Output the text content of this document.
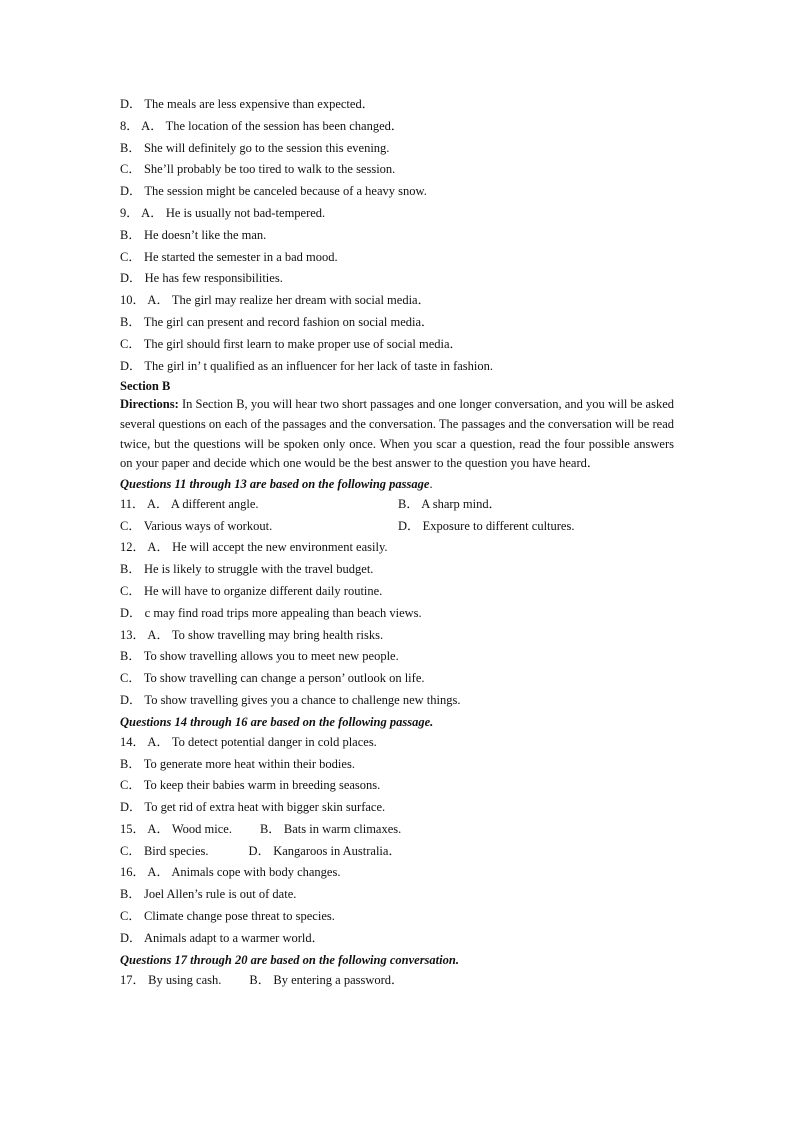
D． The meals are less expensive than expected．
8． A． The location of the session has been changed．
B． She will definitely go to the session this evening.
C． She’ll probably be too tired to walk to the session.
D． The session might be canceled because of a heavy snow.
9． A． He is usually not bad-tempered.
B． He doesn’t like the man.
C． He started the semester in a bad mood.
D． He has few responsibilities.
10． A． The girl may realize her dream with social media．
B． The girl can present and record fashion on social media．
C． The girl should first learn to make proper use of social media．
D． The girl in’ t qualified as an influencer for her lack of taste in fashion.
Section B
Directions: In Section B, you will hear two short passages and one longer conversation, and you will be asked several questions on each of the passages and the conversation. The passages and the conversation will be read twice, but the questions will be spoken only once. When you scar a question, read the four possible answers on your paper and decide which one would be the best answer to the question you have heard．
Questions 11 through 13 are based on the following passage.
11． A． A different angle.	B． A sharp mind．
C． Various ways of workout.	D． Exposure to different cultures.
12． A． He will accept the new environment easily.
B． He is likely to struggle with the travel budget.
C． He will have to organize different daily routine.
D． c may find road trips more appealing than beach views.
13． A． To show travelling may bring health risks.
B． To show travelling allows you to meet new people.
C． To show travelling can change a person’ outlook on life.
D． To show travelling gives you a chance to challenge new things.
Questions 14 through 16 are based on the following passage.
14． A． To detect potential danger in cold places.
B． To generate more heat within their bodies.
C． To keep their babies warm in breeding seasons.
D． To get rid of extra heat with bigger skin surface.
15． A． Wood mice. B． Bats in warm climaxes.
C． Bird species.	D． Kangaroos in Australia．
16． A． Animals cope with body changes.
B． Joel Allen’s rule is out of date.
C． Climate change pose threat to species.
D． Animals adapt to a warmer world．
Questions 17 through 20 are based on the following conversation.
17． By using cash. B． By entering a password．
